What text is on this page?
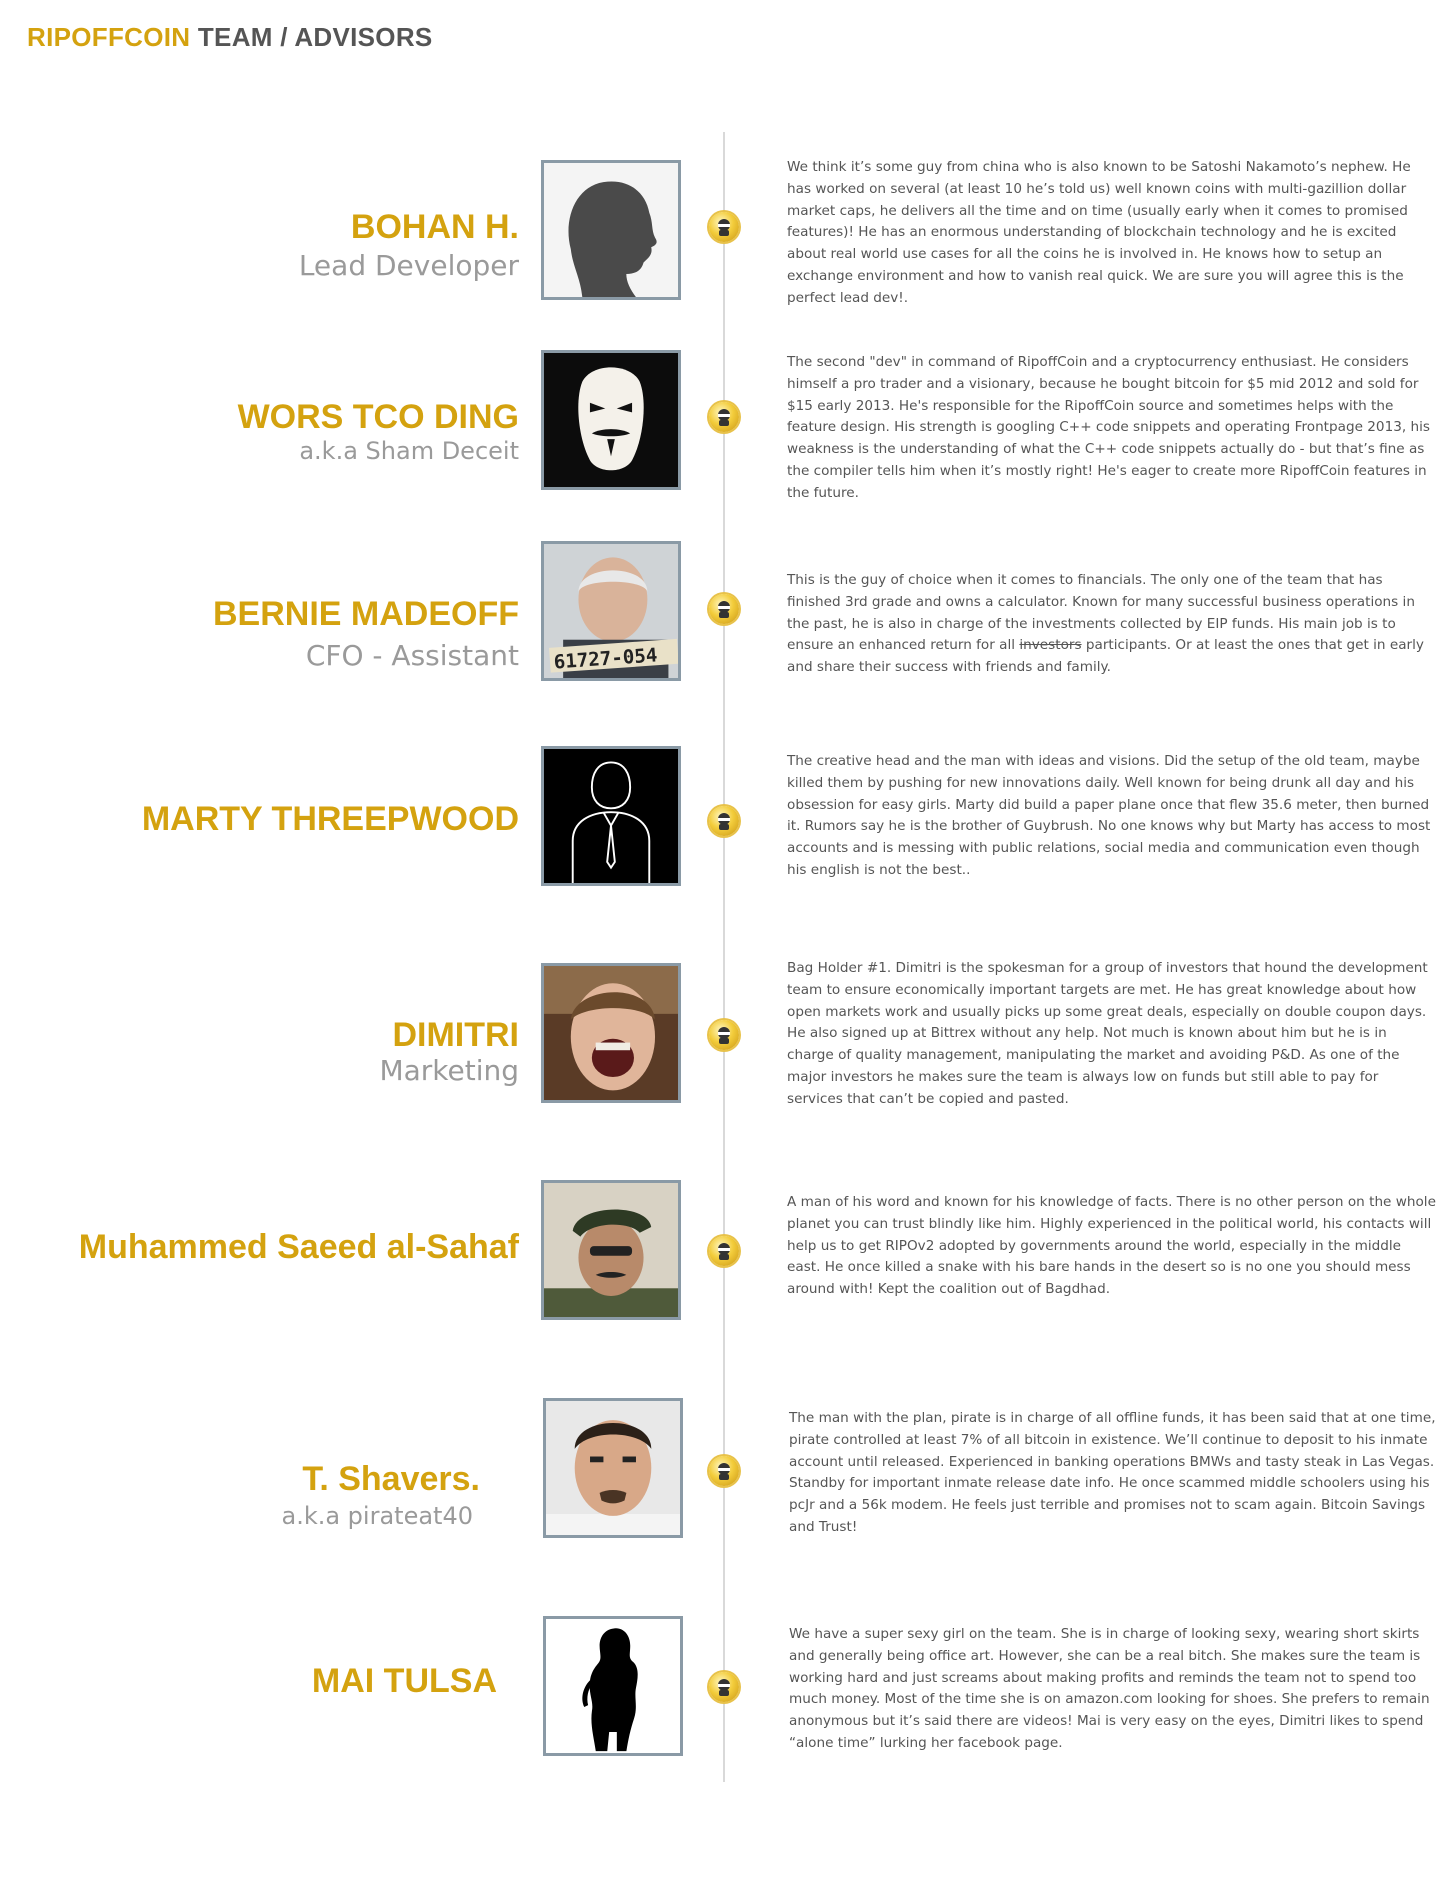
RIPOFFCOIN TEAM / ADVISORS
BOHAN H.
Lead Developer
We think it’s some guy from china who is also known to be Satoshi Nakamoto’s nephew. He has worked on several (at least 10 he’s told us) well known coins with multi-gazillion dollar market caps, he delivers all the time and on time (usually early when it comes to promised features)! He has an enormous understanding of blockchain technology and he is excited about real world use cases for all the coins he is involved in. He knows how to setup an exchange environment and how to vanish real quick. We are sure you will agree this is the perfect lead dev!.
WORS TCO DING
a.k.a Sham Deceit
The second "dev" in command of RipoffCoin and a cryptocurrency enthusiast. He considers himself a pro trader and a visionary, because he bought bitcoin for $5 mid 2012 and sold for $15 early 2013. He's responsible for the RipoffCoin source and sometimes helps with the feature design. His strength is googling C++ code snippets and operating Frontpage 2013, his weakness is the understanding of what the C++ code snippets actually do - but that’s fine as the compiler tells him when it’s mostly right! He's eager to create more RipoffCoin features in the future.
BERNIE MADEOFF
CFO - Assistant 61727-054
This is the guy of choice when it comes to financials. The only one of the team that has finished 3rd grade and owns a calculator. Known for many successful business operations in the past, he is also in charge of the investments collected by EIP funds. His main job is to ensure an enhanced return for all investors participants. Or at least the ones that get in early and share their success with friends and family.
MARTY THREEPWOOD
The creative head and the man with ideas and visions. Did the setup of the old team, maybe killed them by pushing for new innovations daily. Well known for being drunk all day and his obsession for easy girls. Marty did build a paper plane once that flew 35.6 meter, then burned it. Rumors say he is the brother of Guybrush. No one knows why but Marty has access to most accounts and is messing with public relations, social media and communication even though his english is not the best..
DIMITRI
Marketing
Bag Holder #1. Dimitri is the spokesman for a group of investors that hound the development team to ensure economically important targets are met. He has great knowledge about how open markets work and usually picks up some great deals, especially on double coupon days. He also signed up at Bittrex without any help. Not much is known about him but he is in charge of quality management, manipulating the market and avoiding P&D. As one of the major investors he makes sure the team is always low on funds but still able to pay for services that can’t be copied and pasted.
Muhammed Saeed al-Sahaf
A man of his word and known for his knowledge of facts. There is no other person on the whole planet you can trust blindly like him. Highly experienced in the political world, his contacts will help us to get RIPOv2 adopted by governments around the world, especially in the middle east. He once killed a snake with his bare hands in the desert so is no one you should mess around with! Kept the coalition out of Bagdhad.
T. Shavers.
a.k.a pirateat40
The man with the plan, pirate is in charge of all offline funds, it has been said that at one time, pirate controlled at least 7% of all bitcoin in existence. We’ll continue to deposit to his inmate account until released. Experienced in banking operations BMWs and tasty steak in Las Vegas. Standby for important inmate release date info. He once scammed middle schoolers using his pcJr and a 56k modem. He feels just terrible and promises not to scam again. Bitcoin Savings and Trust!
MAI TULSA
We have a super sexy girl on the team. She is in charge of looking sexy, wearing short skirts and generally being office art. However, she can be a real bitch. She makes sure the team is working hard and just screams about making profits and reminds the team not to spend too much money. Most of the time she is on amazon.com looking for shoes. She prefers to remain anonymous but it’s said there are videos! Mai is very easy on the eyes, Dimitri likes to spend “alone time” lurking her facebook page.
